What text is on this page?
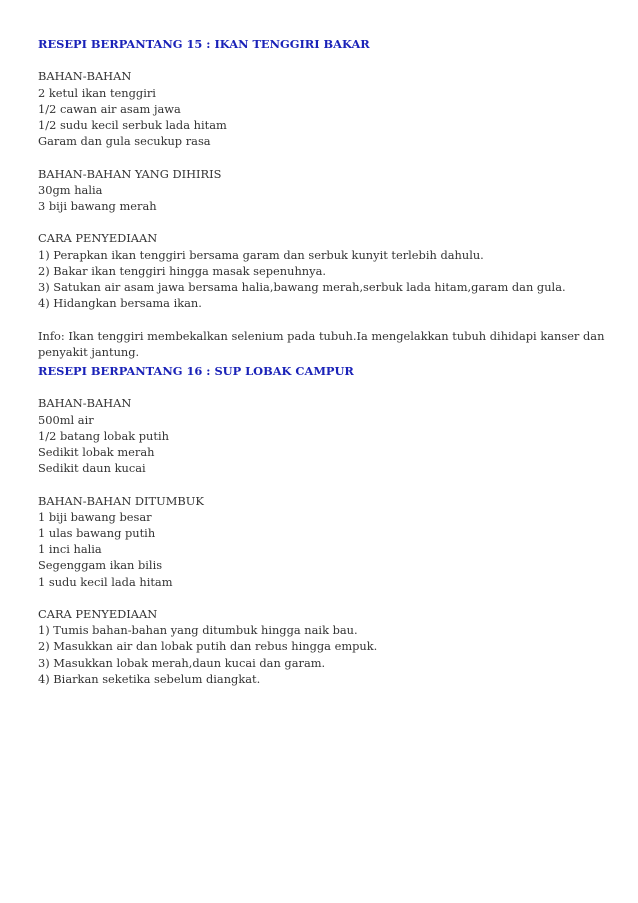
RESEPI BERPANTANG 15 : IKAN TENGGIRI BAKAR
BAHAN-BAHAN
2 ketul ikan tenggiri
1/2 cawan air asam jawa
1/2 sudu kecil serbuk lada hitam
Garam dan gula secukup rasa
BAHAN-BAHAN YANG DIHIRIS
30gm halia
3 biji bawang merah
CARA PENYEDIAAN
1) Perapkan ikan tenggiri bersama garam dan serbuk kunyit terlebih dahulu.
2) Bakar ikan tenggiri hingga masak sepenuhnya.
3) Satukan air asam jawa bersama halia,bawang merah,serbuk lada hitam,garam dan gula.
4) Hidangkan bersama ikan.
Info: Ikan tenggiri membekalkan selenium pada tubuh.Ia mengelakkan tubuh dihidapi kanser dan penyakit jantung.
RESEPI BERPANTANG 16 : SUP LOBAK CAMPUR
BAHAN-BAHAN
500ml air
1/2 batang lobak putih
Sedikit lobak merah
Sedikit daun kucai
BAHAN-BAHAN DITUMBUK
1 biji bawang besar
1 ulas bawang putih
1 inci halia
Segenggam ikan bilis
1 sudu kecil lada hitam
CARA PENYEDIAAN
1) Tumis bahan-bahan yang ditumbuk hingga naik bau.
2) Masukkan air dan lobak putih dan rebus hingga empuk.
3) Masukkan lobak merah,daun kucai dan garam.
4) Biarkan seketika sebelum diangkat.
